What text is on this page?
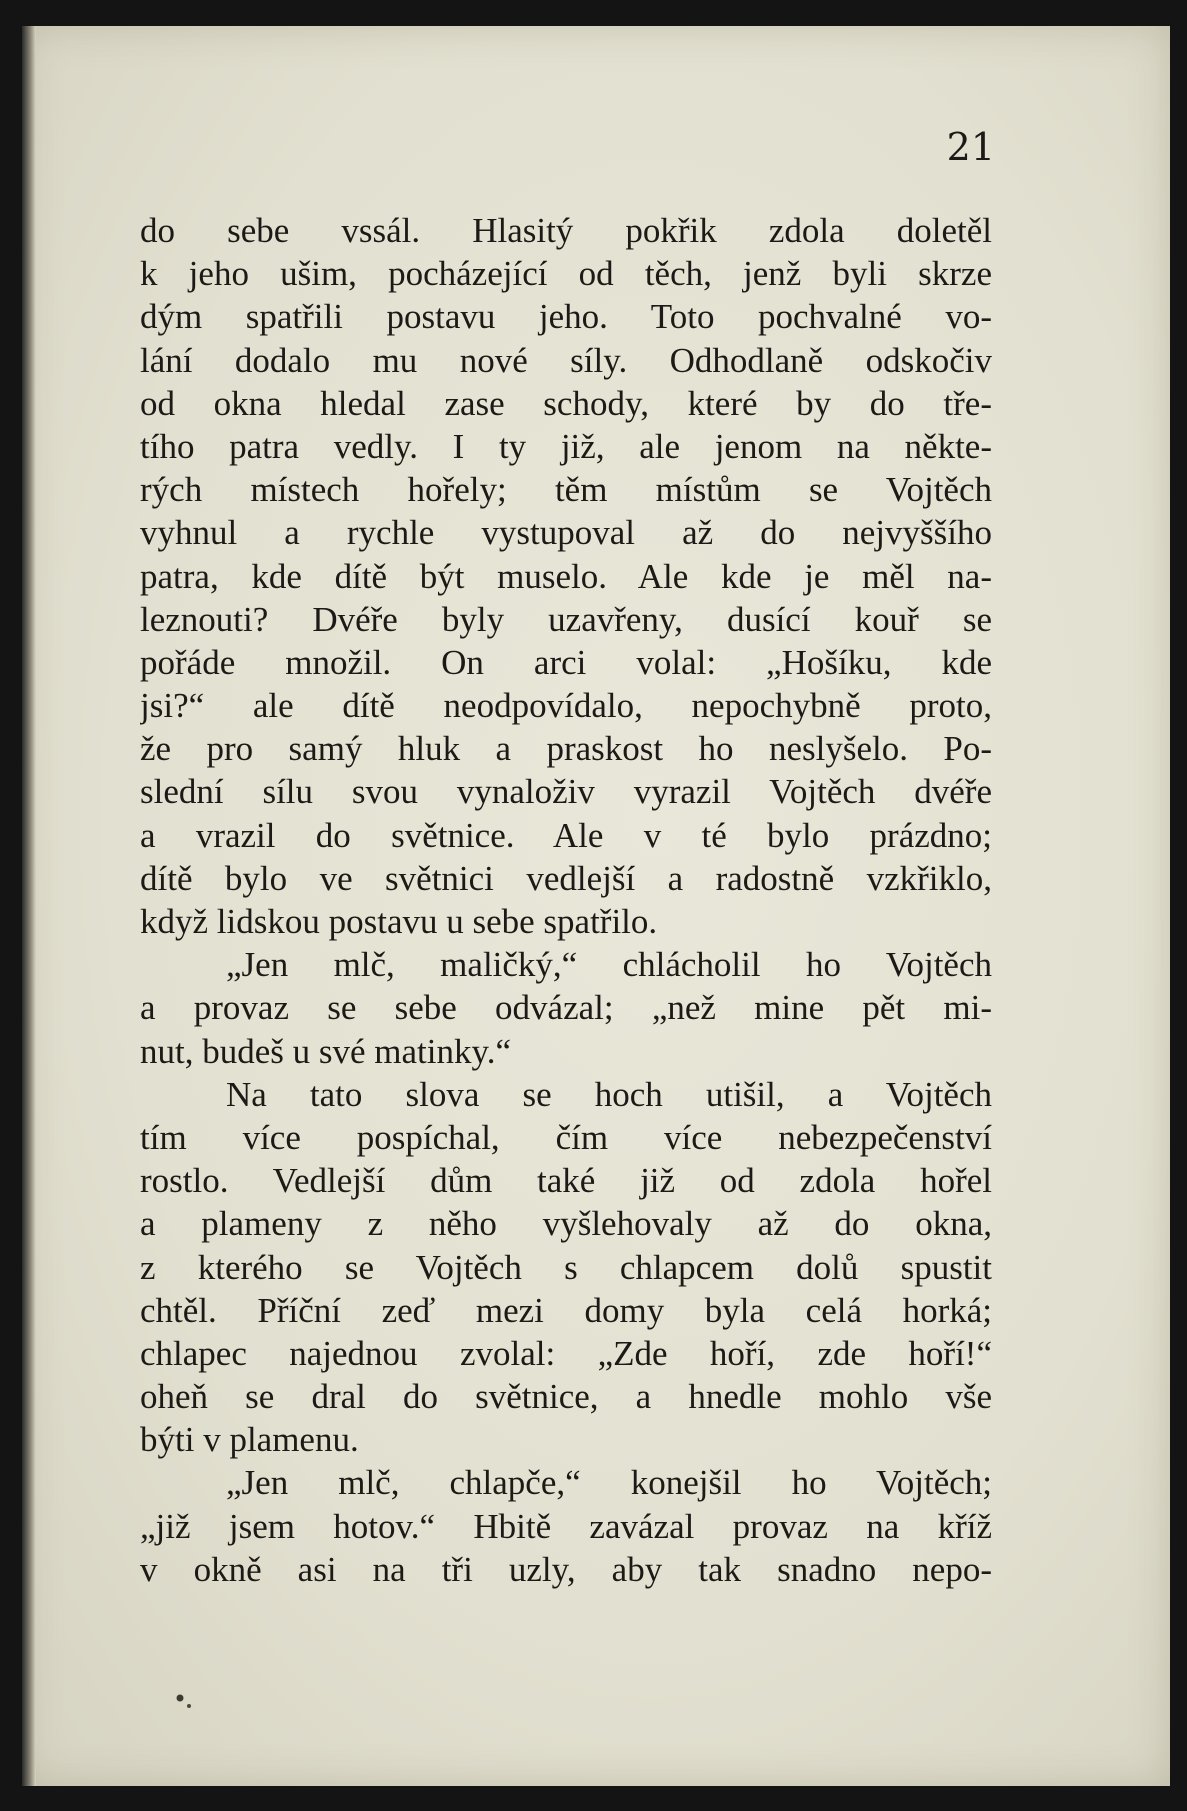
21
do sebe vssál. Hlasitý pokřik zdola doletěl
k jeho ušim, pocházející od těch, jenž byli skrze
dým spatřili postavu jeho. Toto pochvalné vo-
lání dodalo mu nové síly. Odhodlaně odskočiv
od okna hledal zase schody, které by do tře-
tího patra vedly. I ty již, ale jenom na někte-
rých místech hořely; těm místům se Vojtěch
vyhnul a rychle vystupoval až do nejvyššího
patra, kde dítě být muselo. Ale kde je měl na-
leznouti? Dvéře byly uzavřeny, dusící kouř se
pořáde množil. On arci volal: „Hošíku, kde
jsi?“ ale dítě neodpovídalo, nepochybně proto,
že pro samý hluk a praskost ho neslyšelo. Po-
slední sílu svou vynaloživ vyrazil Vojtěch dvéře
a vrazil do světnice. Ale v té bylo prázdno;
dítě bylo ve světnici vedlejší a radostně vzkřiklo,
když lidskou postavu u sebe spatřilo.
„Jen mlč, maličký,“ chlácholil ho Vojtěch
a provaz se sebe odvázal; „než mine pět mi-
nut, budeš u své matinky.“
Na tato slova se hoch utišil, a Vojtěch
tím více pospíchal, čím více nebezpečenství
rostlo. Vedlejší dům také již od zdola hořel
a plameny z něho vyšlehovaly až do okna,
z kterého se Vojtěch s chlapcem dolů spustit
chtěl. Příční zeď mezi domy byla celá horká;
chlapec najednou zvolal: „Zde hoří, zde hoří!“
oheň se dral do světnice, a hnedle mohlo vše
býti v plamenu.
„Jen mlč, chlapče,“ konejšil ho Vojtěch;
„již jsem hotov.“ Hbitě zavázal provaz na kříž
v okně asi na tři uzly, aby tak snadno nepo-
